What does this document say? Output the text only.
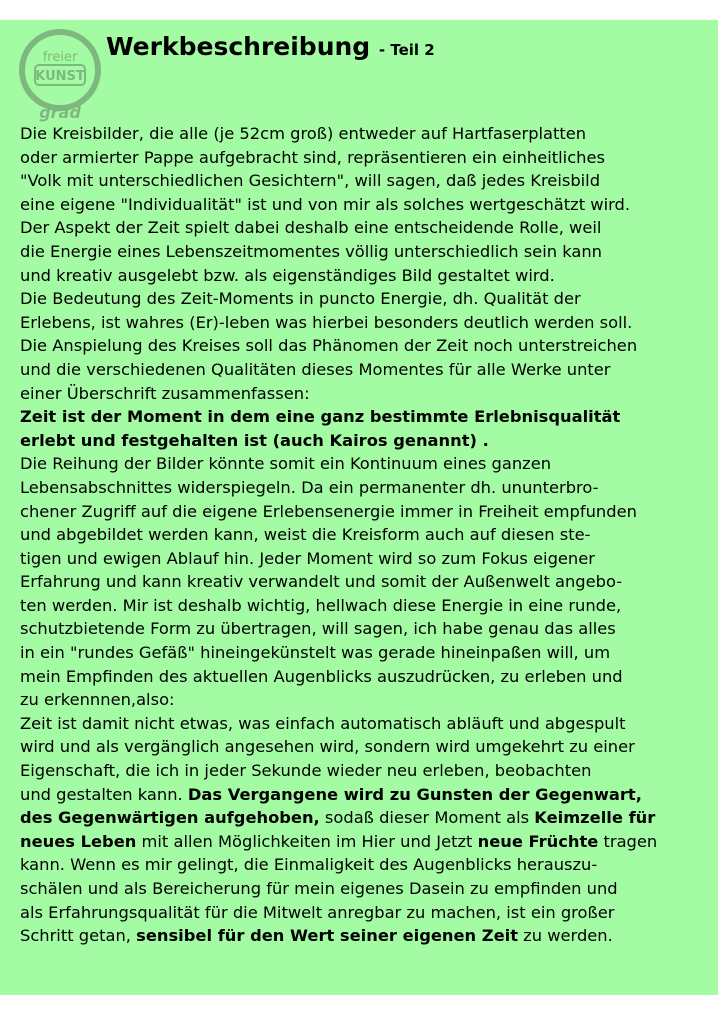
freier
KUNST
grad
Werkbeschreibung - Teil 2
Die Kreisbilder, die alle (je 52cm groß) entweder auf Hartfaserplatten
oder armierter Pappe aufgebracht sind, repräsentieren ein einheitliches
"Volk mit unterschiedlichen Gesichtern", will sagen, daß jedes Kreisbild
eine eigene "Individualität" ist und von mir als solches wertgeschätzt wird.
Der Aspekt der Zeit spielt dabei deshalb eine entscheidende Rolle, weil
die Energie eines Lebenszeitmomentes völlig unterschiedlich sein kann
und kreativ ausgelebt bzw. als eigenständiges Bild gestaltet wird.
Die Bedeutung des Zeit-Moments in puncto Energie, dh. Qualität der
Erlebens, ist wahres (Er)-leben was hierbei besonders deutlich werden soll.
Die Anspielung des Kreises soll das Phänomen der Zeit noch unterstreichen
und die verschiedenen Qualitäten dieses Momentes für alle Werke unter
einer Überschrift zusammenfassen:
Zeit ist der Moment in dem eine ganz bestimmte Erlebnisqualität
erlebt und festgehalten ist (auch Kairos genannt) .
Die Reihung der Bilder könnte somit ein Kontinuum eines ganzen
Lebensabschnittes widerspiegeln. Da ein permanenter dh. ununterbro-
chener Zugriff auf die eigene Erlebensenergie immer in Freiheit empfunden
und abgebildet werden kann, weist die Kreisform auch auf diesen ste-
tigen und ewigen Ablauf hin. Jeder Moment wird so zum Fokus eigener
Erfahrung und kann kreativ verwandelt und somit der Außenwelt angebo-
ten werden. Mir ist deshalb wichtig, hellwach diese Energie in eine runde,
schutzbietende Form zu übertragen, will sagen, ich habe genau das alles
in ein "rundes Gefäß" hineingekünstelt was gerade hineinpaßen will, um
mein Empfinden des aktuellen Augenblicks auszudrücken, zu erleben und
zu erkennnen,also:
Zeit ist damit nicht etwas, was einfach automatisch abläuft und abgespult
wird und als vergänglich angesehen wird, sondern wird umgekehrt zu einer
Eigenschaft, die ich in jeder Sekunde wieder neu erleben, beobachten
und gestalten kann. Das Vergangene wird zu Gunsten der Gegenwart,
des Gegenwärtigen aufgehoben, sodaß dieser Moment als Keimzelle für
neues Leben mit allen Möglichkeiten im Hier und Jetzt neue Früchte tragen
kann. Wenn es mir gelingt, die Einmaligkeit des Augenblicks herauszu-
schälen und als Bereicherung für mein eigenes Dasein zu empfinden und
als Erfahrungsqualität für die Mitwelt anregbar zu machen, ist ein großer
Schritt getan, sensibel für den Wert seiner eigenen Zeit zu werden.
